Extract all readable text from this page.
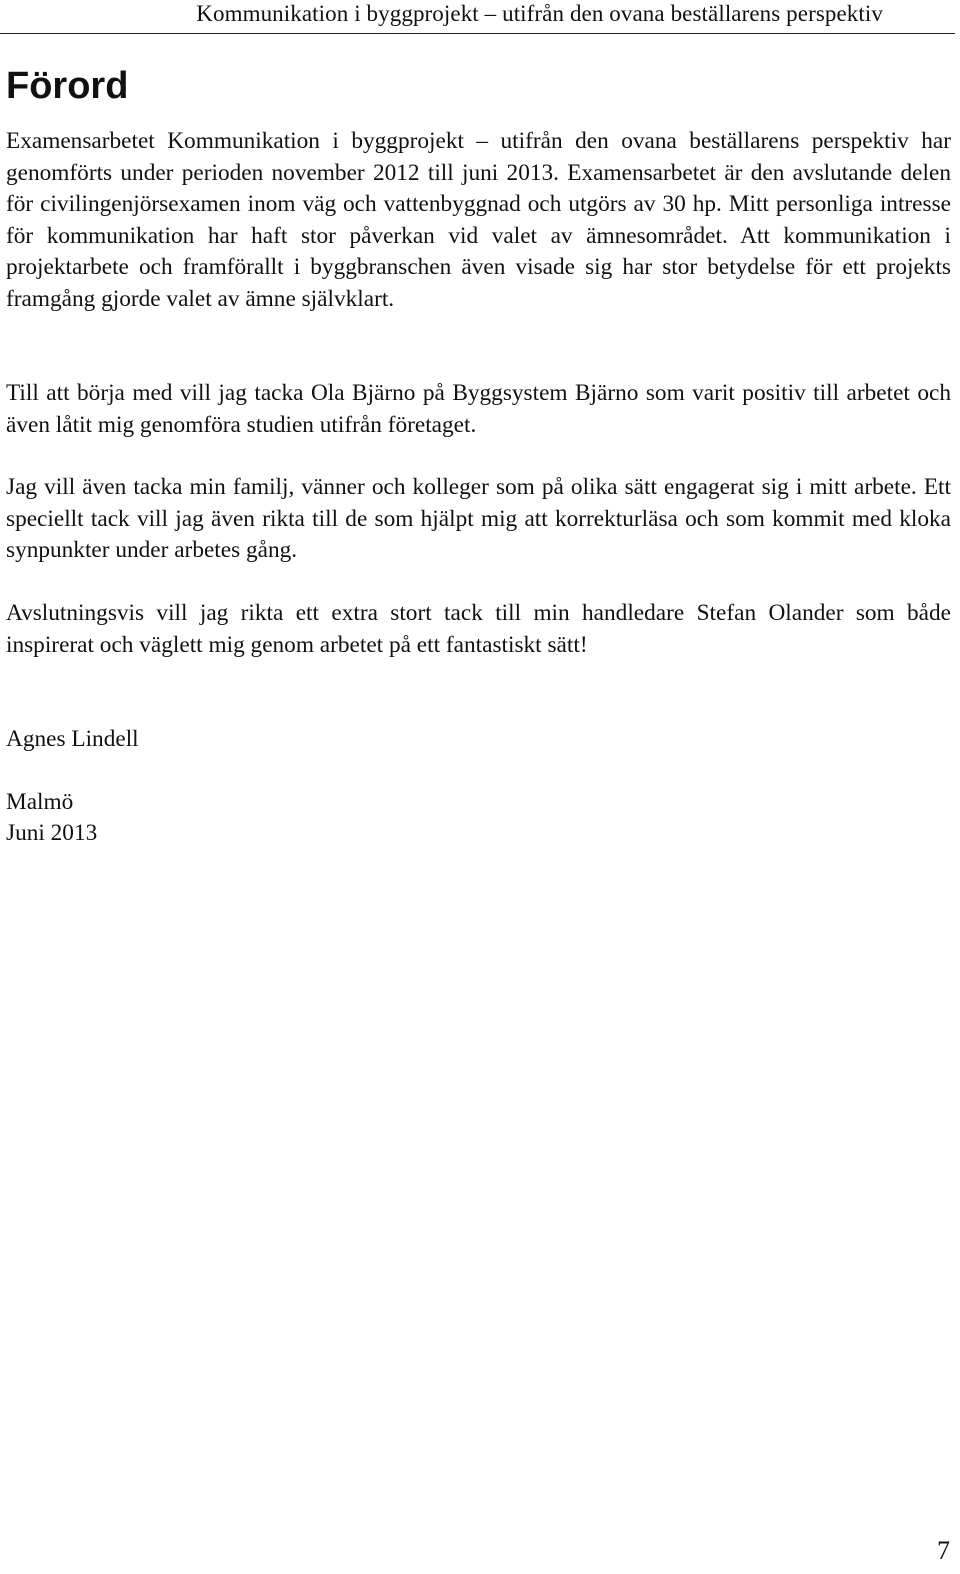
Kommunikation i byggprojekt – utifrån den ovana beställarens perspektiv
Förord

Examensarbetet Kommunikation i byggprojekt – utifrån den ovana beställarens perspektiv har genomförts under perioden november 2012 till juni 2013. Examensarbetet är den avslutande delen för civilingenjörsexamen inom väg och vattenbyggnad och utgörs av 30 hp. Mitt personliga intresse för kommunikation har haft stor påverkan vid valet av ämnesområdet. Att kommunikation i projektarbete och framförallt i byggbranschen även visade sig har stor betydelse för ett projekts framgång gjorde valet av ämne självklart.

Till att börja med vill jag tacka Ola Bjärno på Byggsystem Bjärno som varit positiv till arbetet och även låtit mig genomföra studien utifrån företaget.

Jag vill även tacka min familj, vänner och kolleger som på olika sätt engagerat sig i mitt arbete. Ett speciellt tack vill jag även rikta till de som hjälpt mig att korrekturläsa och som kommit med kloka synpunkter under arbetes gång.

Avslutningsvis vill jag rikta ett extra stort tack till min handledare Stefan Olander som både inspirerat och väglett mig genom arbetet på ett fantastiskt sätt!

Agnes Lindell
Malmö
Juni 2013
7
